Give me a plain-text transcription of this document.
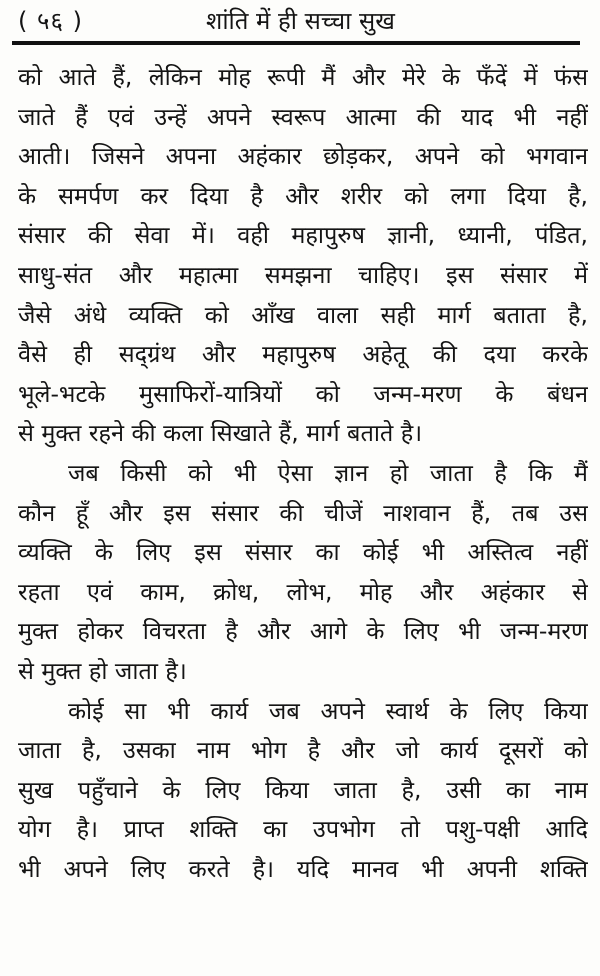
( ५६ )	शांति में ही सच्चा सुख
को आते हैं, लेकिन मोह रूपी मैं और मेरे के फँदें में फंस
जाते हैं एवं उन्हें अपने स्वरूप आत्मा की याद भी नहीं
आती। जिसने अपना अहंकार छोड़कर, अपने को भगवान
के समर्पण कर दिया है और शरीर को लगा दिया है,
संसार की सेवा में। वही महापुरुष ज्ञानी, ध्यानी, पंडित,
साधु-संत और महात्मा समझना चाहिए। इस संसार में
जैसे अंधे व्यक्ति को आँख वाला सही मार्ग बताता है,
वैसे ही सद्ग्रंथ और महापुरुष अहेतू की दया करके
भूले-भटके मुसाफिरों-यात्रियों को जन्म-मरण के बंधन
से मुक्त रहने की कला सिखाते हैं, मार्ग बताते है।
जब किसी को भी ऐसा ज्ञान हो जाता है कि मैं
कौन हूँ और इस संसार की चीजें नाशवान हैं, तब उस
व्यक्ति के लिए इस संसार का कोई भी अस्तित्व नहीं
रहता एवं काम, क्रोध, लोभ, मोह और अहंकार से
मुक्त होकर विचरता है और आगे के लिए भी जन्म-मरण
से मुक्त हो जाता है।
कोई सा भी कार्य जब अपने स्वार्थ के लिए किया
जाता है, उसका नाम भोग है और जो कार्य दूसरों को
सुख पहुँचाने के लिए किया जाता है, उसी का नाम
योग है। प्राप्त शक्ति का उपभोग तो पशु-पक्षी आदि
भी अपने लिए करते है। यदि मानव भी अपनी शक्ति
